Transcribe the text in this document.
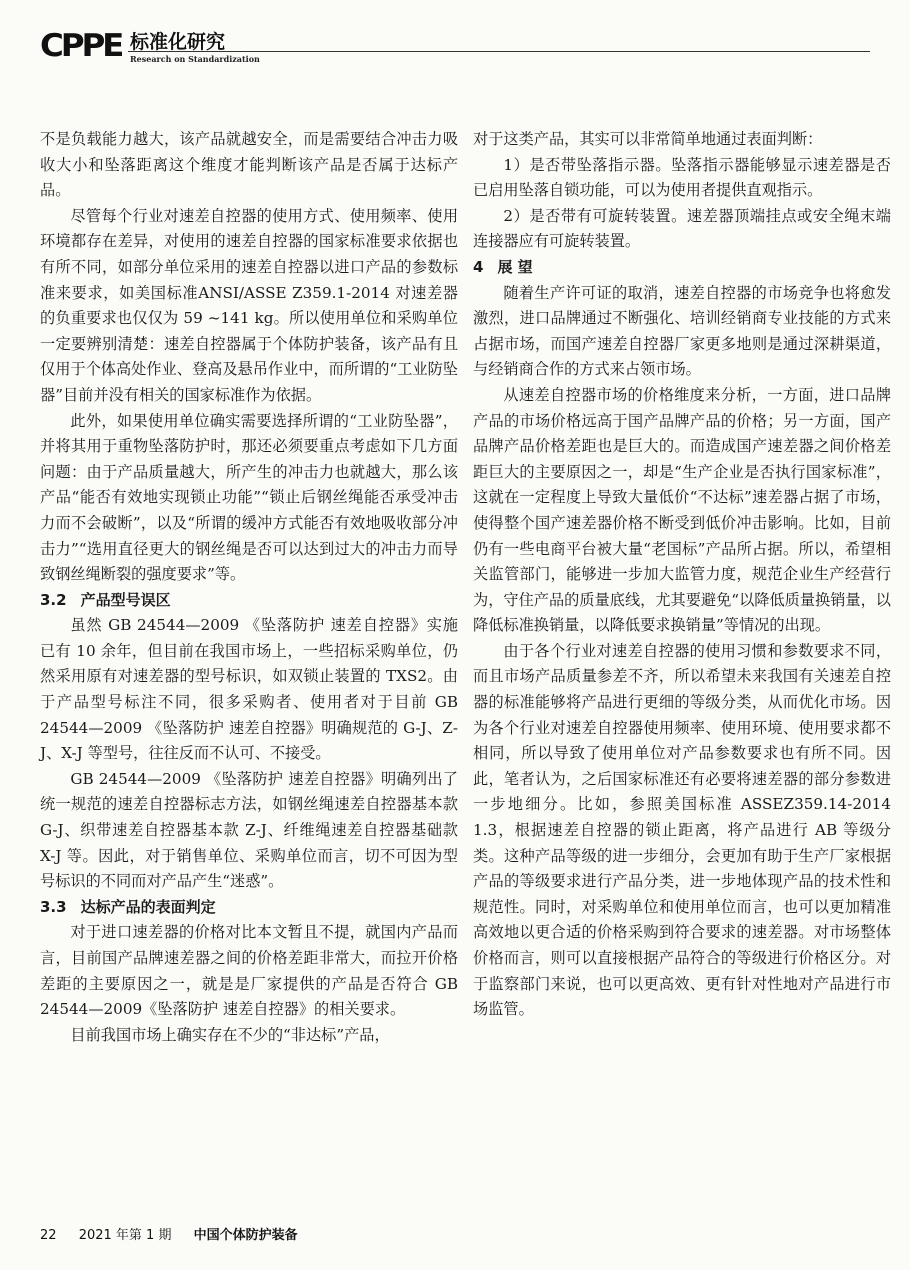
CPPE 标准化研究
Research on Standardization

不是负载能力越大，该产品就越安全，而是需要结合冲击力吸收大小和坠落距离这个维度才能判断该产品是否属于达标产品。

尽管每个行业对速差自控器的使用方式、使用频率、使用环境都存在差异，对使用的速差自控器的国家标准要求依据也有所不同，如部分单位采用的速差自控器以进口产品的参数标准来要求，如美国标准ANSI/ASSE Z359.1-2014 对速差器的负重要求也仅仅为 59 ~141 kg。所以使用单位和采购单位一定要辨别清楚：速差自控器属于个体防护装备，该产品有且仅用于个体高处作业、登高及悬吊作业中，而所谓的“工业防坠器”目前并没有相关的国家标准作为依据。

此外，如果使用单位确实需要选择所谓的“工业防坠器”，并将其用于重物坠落防护时，那还必须要重点考虑如下几方面问题：由于产品质量越大，所产生的冲击力也就越大，那么该产品“能否有效地实现锁止功能”“锁止后钢丝绳能否承受冲击力而不会破断”，以及“所谓的缓冲方式能否有效地吸收部分冲击力”“选用直径更大的钢丝绳是否可以达到过大的冲击力而导致钢丝绳断裂的强度要求”等。

3.2 产品型号误区

虽然 GB 24544—2009 《坠落防护 速差自控器》实施已有 10 余年，但目前在我国市场上，一些招标采购单位，仍然采用原有对速差器的型号标识，如双锁止装置的 TXS2。由于产品型号标注不同，很多采购者、使用者对于目前 GB 24544—2009 《坠落防护 速差自控器》明确规范的 G-J、Z-J、X-J 等型号，往往反而不认可、不接受。

GB 24544—2009 《坠落防护 速差自控器》明确列出了统一规范的速差自控器标志方法，如钢丝绳速差自控器基本款 G-J、织带速差自控器基本款 Z-J、纤维绳速差自控器基础款 X-J 等。因此，对于销售单位、采购单位而言，切不可因为型号标识的不同而对产品产生“迷惑”。

3.3 达标产品的表面判定

对于进口速差器的价格对比本文暂且不提，就国内产品而言，目前国产品牌速差器之间的价格差距非常大，而拉开价格差距的主要原因之一，就是是厂家提供的产品是否符合 GB 24544—2009《坠落防护 速差自控器》的相关要求。

目前我国市场上确实存在不少的“非达标”产品，

对于这类产品，其实可以非常简单地通过表面判断：

1）是否带坠落指示器。坠落指示器能够显示速差器是否已启用坠落自锁功能，可以为使用者提供直观指示。

2）是否带有可旋转装置。速差器顶端挂点或安全绳末端连接器应有可旋转装置。

4 展 望

随着生产许可证的取消，速差自控器的市场竞争也将愈发激烈，进口品牌通过不断强化、培训经销商专业技能的方式来占据市场，而国产速差自控器厂家更多地则是通过深耕渠道，与经销商合作的方式来占领市场。

从速差自控器市场的价格维度来分析，一方面，进口品牌产品的市场价格远高于国产品牌产品的价格；另一方面，国产品牌产品价格差距也是巨大的。而造成国产速差器之间价格差距巨大的主要原因之一，却是“生产企业是否执行国家标准”，这就在一定程度上导致大量低价“不达标”速差器占据了市场，使得整个国产速差器价格不断受到低价冲击影响。比如，目前仍有一些电商平台被大量“老国标”产品所占据。所以，希望相关监管部门，能够进一步加大监管力度，规范企业生产经营行为，守住产品的质量底线，尤其要避免“以降低质量换销量，以降低标准换销量，以降低要求换销量”等情况的出现。

由于各个行业对速差自控器的使用习惯和参数要求不同，而且市场产品质量参差不齐，所以希望未来我国有关速差自控器的标准能够将产品进行更细的等级分类，从而优化市场。因为各个行业对速差自控器使用频率、使用环境、使用要求都不相同，所以导致了使用单位对产品参数要求也有所不同。因此，笔者认为，之后国家标准还有必要将速差器的部分参数进一步地细分。比如，参照美国标准 ASSEZ359.14-2014 1.3，根据速差自控器的锁止距离，将产品进行 AB 等级分类。这种产品等级的进一步细分，会更加有助于生产厂家根据产品的等级要求进行产品分类，进一步地体现产品的技术性和规范性。同时，对采购单位和使用单位而言，也可以更加精准高效地以更合适的价格采购到符合要求的速差器。对市场整体价格而言，则可以直接根据产品符合的等级进行价格区分。对于监察部门来说，也可以更高效、更有针对性地对产品进行市场监管。

22 2021 年第 1 期 中国个体防护装备
